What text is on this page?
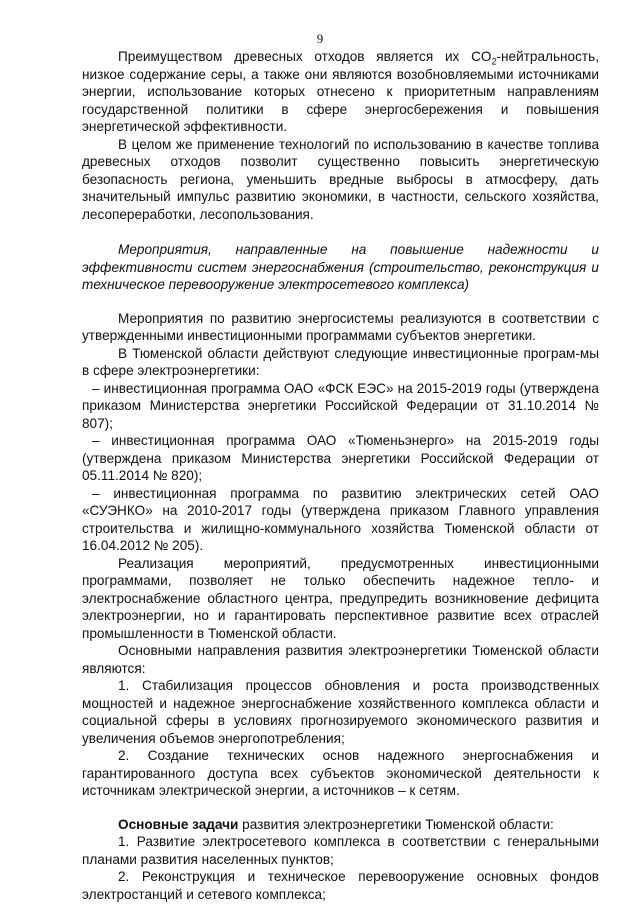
9

Преимуществом древесных отходов является их $CO_2$-нейтральность, низкое содержание серы, а также они являются возобновляемыми источниками энергии, использование которых отнесено к приоритетным направлениям государственной политики в сфере энергосбережения и повышения энергетической эффективности.

В целом же применение технологий по использованию в качестве топлива древесных отходов позволит существенно повысить энергетическую безопасность региона, уменьшить вредные выбросы в атмосферу, дать значительный импульс развитию экономики, в частности, сельского хозяйства, лесопереработки, лесопользования.

Мероприятия, направленные на повышение надежности и эффективности систем энергоснабжения (строительство, реконструкция и техническое перевооружение электросетевого комплекса)

Мероприятия по развитию энергосистемы реализуются в соответствии с утвержденными инвестиционными программами субъектов энергетики.

В Тюменской области действуют следующие инвестиционные програм-мы в сфере электроэнергетики:

– инвестиционная программа ОАО «ФСК ЕЭС» на 2015-2019 годы (утверждена приказом Министерства энергетики Российской Федерации от 31.10.2014 № 807);

– инвестиционная программа ОАО «Тюменьэнерго» на 2015-2019 годы (утверждена приказом Министерства энергетики Российской Федерации от 05.11.2014 № 820);

– инвестиционная программа по развитию электрических сетей ОАО «СУЭНКО» на 2010-2017 годы (утверждена приказом Главного управления строительства и жилищно-коммунального хозяйства Тюменской области от 16.04.2012 № 205).

Реализация мероприятий, предусмотренных инвестиционными программами, позволяет не только обеспечить надежное тепло- и электроснабжение областного центра, предупредить возникновение дефицита электроэнергии, но и гарантировать перспективное развитие всех отраслей промышленности в Тюменской области.

Основными направления развития электроэнергетики Тюменской области являются:

1. Стабилизация процессов обновления и роста производственных мощностей и надежное энергоснабжение хозяйственного комплекса области и социальной сферы в условиях прогнозируемого экономического развития и увеличения объемов энергопотребления;

2. Создание технических основ надежного энергоснабжения и гарантированного доступа всех субъектов экономической деятельности к источникам электрической энергии, а источников – к сетям.

Основные задачи развития электроэнергетики Тюменской области:

1. Развитие электросетевого комплекса в соответствии с генеральными планами развития населенных пунктов;

2. Реконструкция и техническое перевооружение основных фондов электростанций и сетевого комплекса;
